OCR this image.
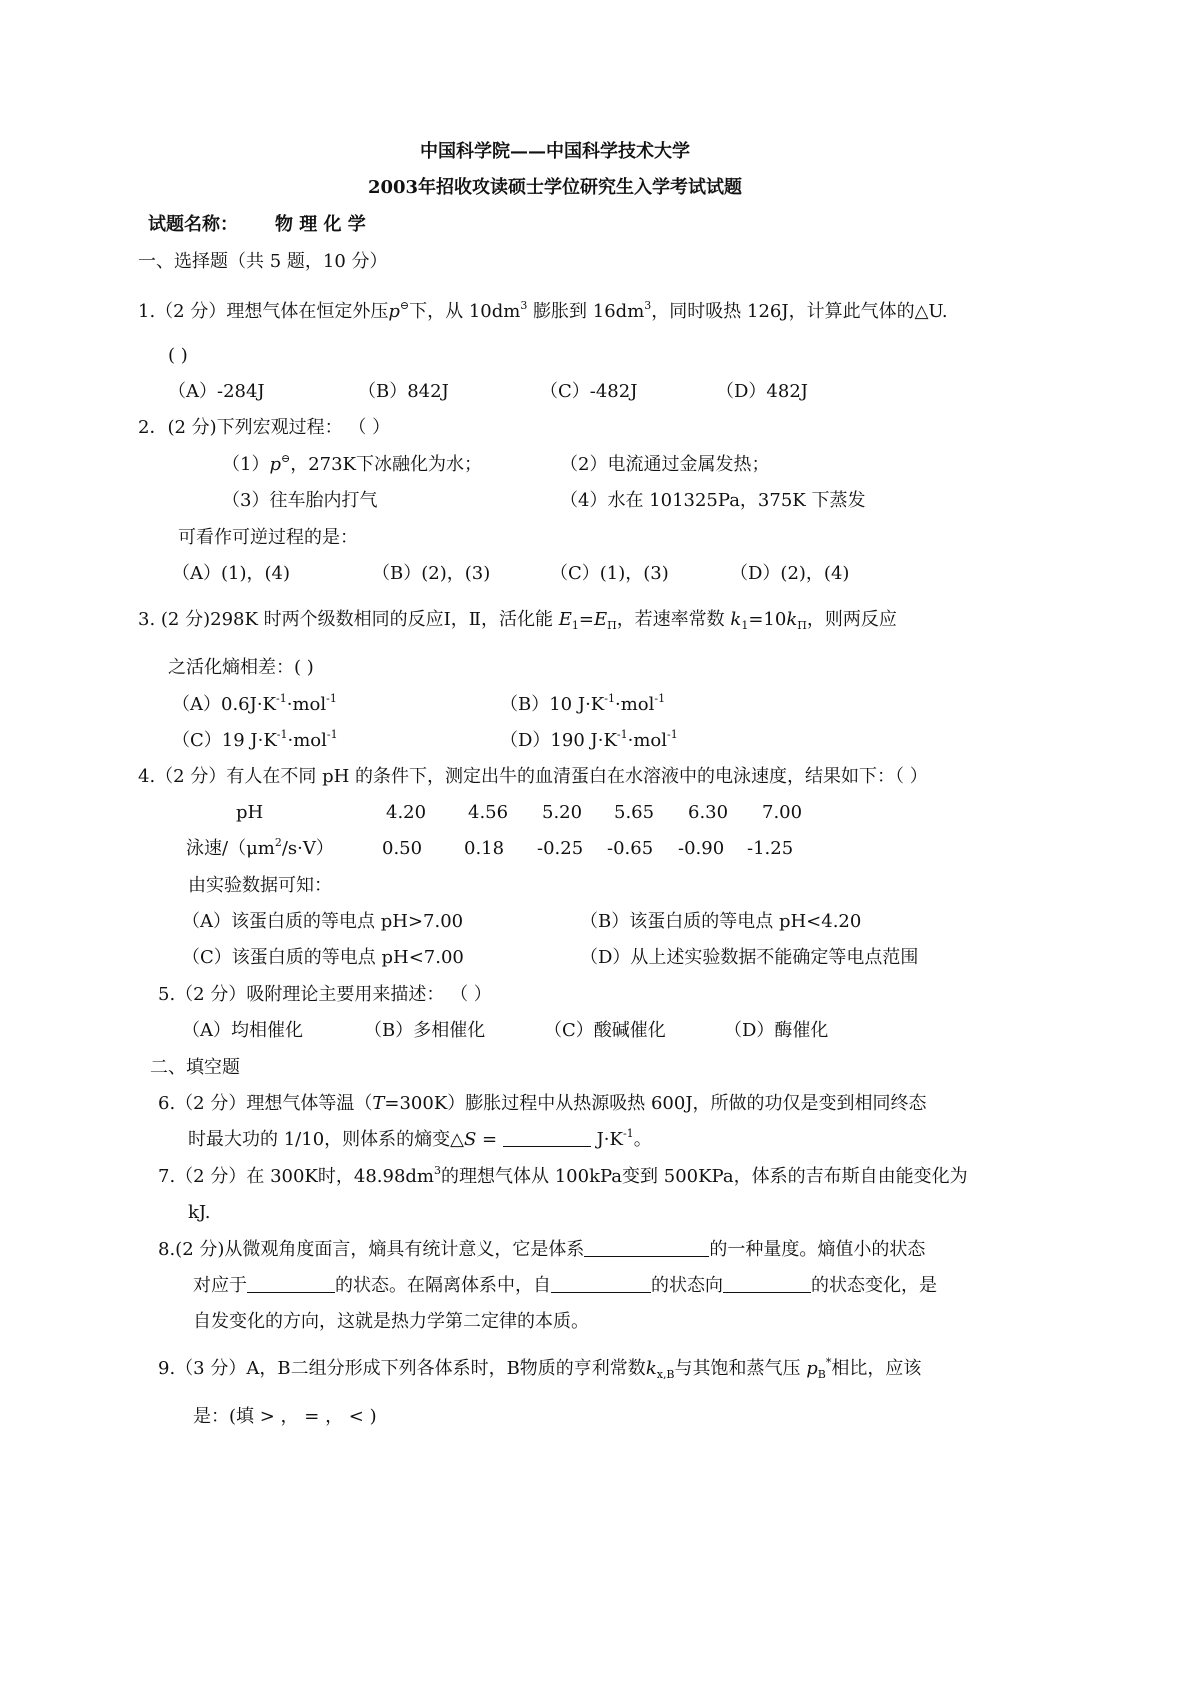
中国科学院——中国科学技术大学
2003年招收攻读硕士学位研究生入学考试试题
试题名称： 物 理 化 学
一、选择题（共 5 题，10 分）
1.（2 分）理想气体在恒定外压p⊖下，从 $10dm^3$ 膨胀到 $16dm^3$，同时吸热 126J，计算此气体的△U.
( )
（A）-284J	（B）842J	（C）-482J	（D）482J
2．(2 分)下列宏观过程： （ ）
（1）p⊖，273K下冰融化为水；	（2）电流通过金属发热；
（3）往车胎内打气	（4）水在 101325Pa，375K 下蒸发
可看作可逆过程的是：
（A）(1)，(4)	（B）(2)，(3)	（C）(1)，(3)	（D）(2)，(4)
3. (2 分)298K 时两个级数相同的反应Ⅰ，Ⅱ，活化能 $E_1=E_\Pi$，若速率常数 $k_1=10k_\Pi$，则两反应
之活化熵相差：( )
$(A)0.6J\cdot K^{-1}\cdot mol^{-1}$	（B）10 $J\cdot K^{-1}\cdot mol^{-1}$
（C）19 $J\cdot K^{-1}\cdot mol^{-1}$	（D）190 $J\cdot K^{-1}\cdot mol^{-1}$
4.（2 分）有人在不同 pH 的条件下，测定出牛的血清蛋白在水溶液中的电泳速度，结果如下：（ ）
pH	4.20 4.56 5.20 5.65 6.30 7.00
泳速$/(\mu m^2/s\cdot V)$	0.50 0.18 -0.25 -0.65 -0.90 -1.25
由实验数据可知：
（A）该蛋白质的等电点 pH>7.00	（B）该蛋白质的等电点 pH<4.20
（C）该蛋白质的等电点 pH<7.00	（D）从上述实验数据不能确定等电点范围
5.（2 分）吸附理论主要用来描述： （ ）
（A）均相催化	（B）多相催化	（C）酸碱催化	（D）酶催化
二、填空题
6.（2 分）理想气体等温（T=300K）膨胀过程中从热源吸热 600J，所做的功仅是变到相同终态
时最大功的 1/10，则体系的熵变△S =	$J\cdot K^{-1}$。
7.（2 分）在 300K时，$48.98dm^3$的理想气体从 100kPa变到 500KPa，体系的吉布斯自由能变化为
kJ.
8.(2 分)从微观角度面言，熵具有统计意义，它是体系	的一种量度。熵值小的状态
对应于	的状态。在隔离体系中，自	的状态向	的状态变化，是
自发变化的方向，这就是热力学第二定律的本质。
9.（3 分）A，B二组分形成下列各体系时，B物质的亨利常数$k_{x,B}$与其饱和蒸气压 $p_B^*$相比，应该
是：(填 > ， = ， < )
